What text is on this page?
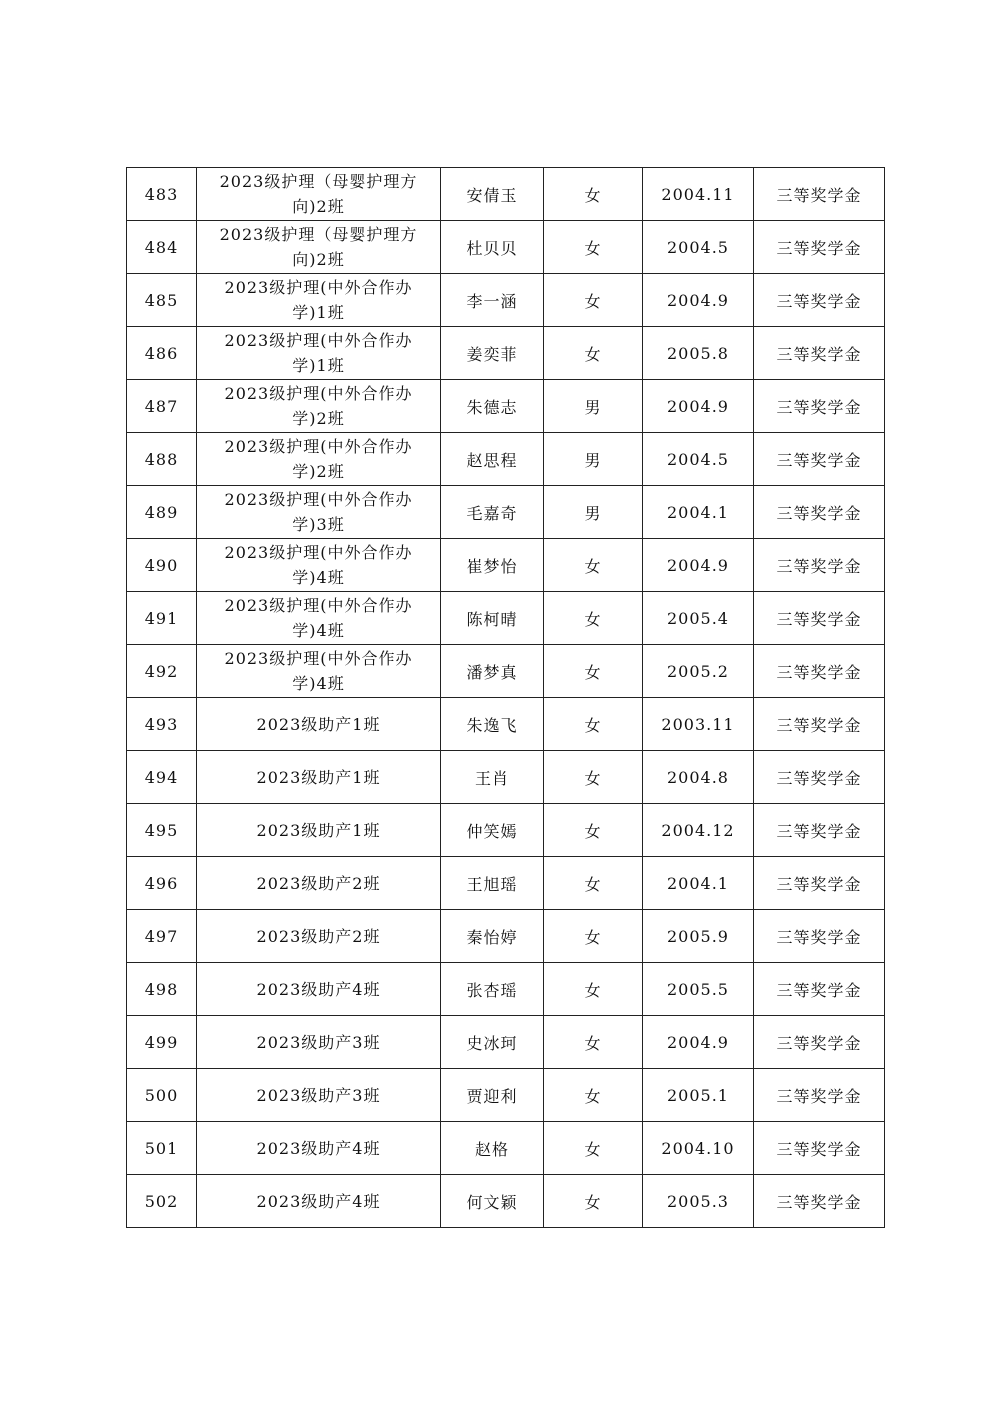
483	2023级护理（母婴护理方向)2班	安倩玉	女	2004.11	三等奖学金
484	2023级护理（母婴护理方向)2班	杜贝贝	女	2004.5	三等奖学金
485	2023级护理(中外合作办学)1班	李一涵	女	2004.9	三等奖学金
486	2023级护理(中外合作办学)1班	姜奕菲	女	2005.8	三等奖学金
487	2023级护理(中外合作办学)2班	朱德志	男	2004.9	三等奖学金
488	2023级护理(中外合作办学)2班	赵思程	男	2004.5	三等奖学金
489	2023级护理(中外合作办学)3班	毛嘉奇	男	2004.1	三等奖学金
490	2023级护理(中外合作办学)4班	崔梦怡	女	2004.9	三等奖学金
491	2023级护理(中外合作办学)4班	陈柯晴	女	2005.4	三等奖学金
492	2023级护理(中外合作办学)4班	潘梦真	女	2005.2	三等奖学金
493	2023级助产1班	朱逸飞	女	2003.11	三等奖学金
494	2023级助产1班	王肖	女	2004.8	三等奖学金
495	2023级助产1班	仲笑嫣	女	2004.12	三等奖学金
496	2023级助产2班	王旭瑶	女	2004.1	三等奖学金
497	2023级助产2班	秦怡婷	女	2005.9	三等奖学金
498	2023级助产4班	张杏瑶	女	2005.5	三等奖学金
499	2023级助产3班	史冰珂	女	2004.9	三等奖学金
500	2023级助产3班	贾迎利	女	2005.1	三等奖学金
501	2023级助产4班	赵格	女	2004.10	三等奖学金
502	2023级助产4班	何文颖	女	2005.3	三等奖学金
